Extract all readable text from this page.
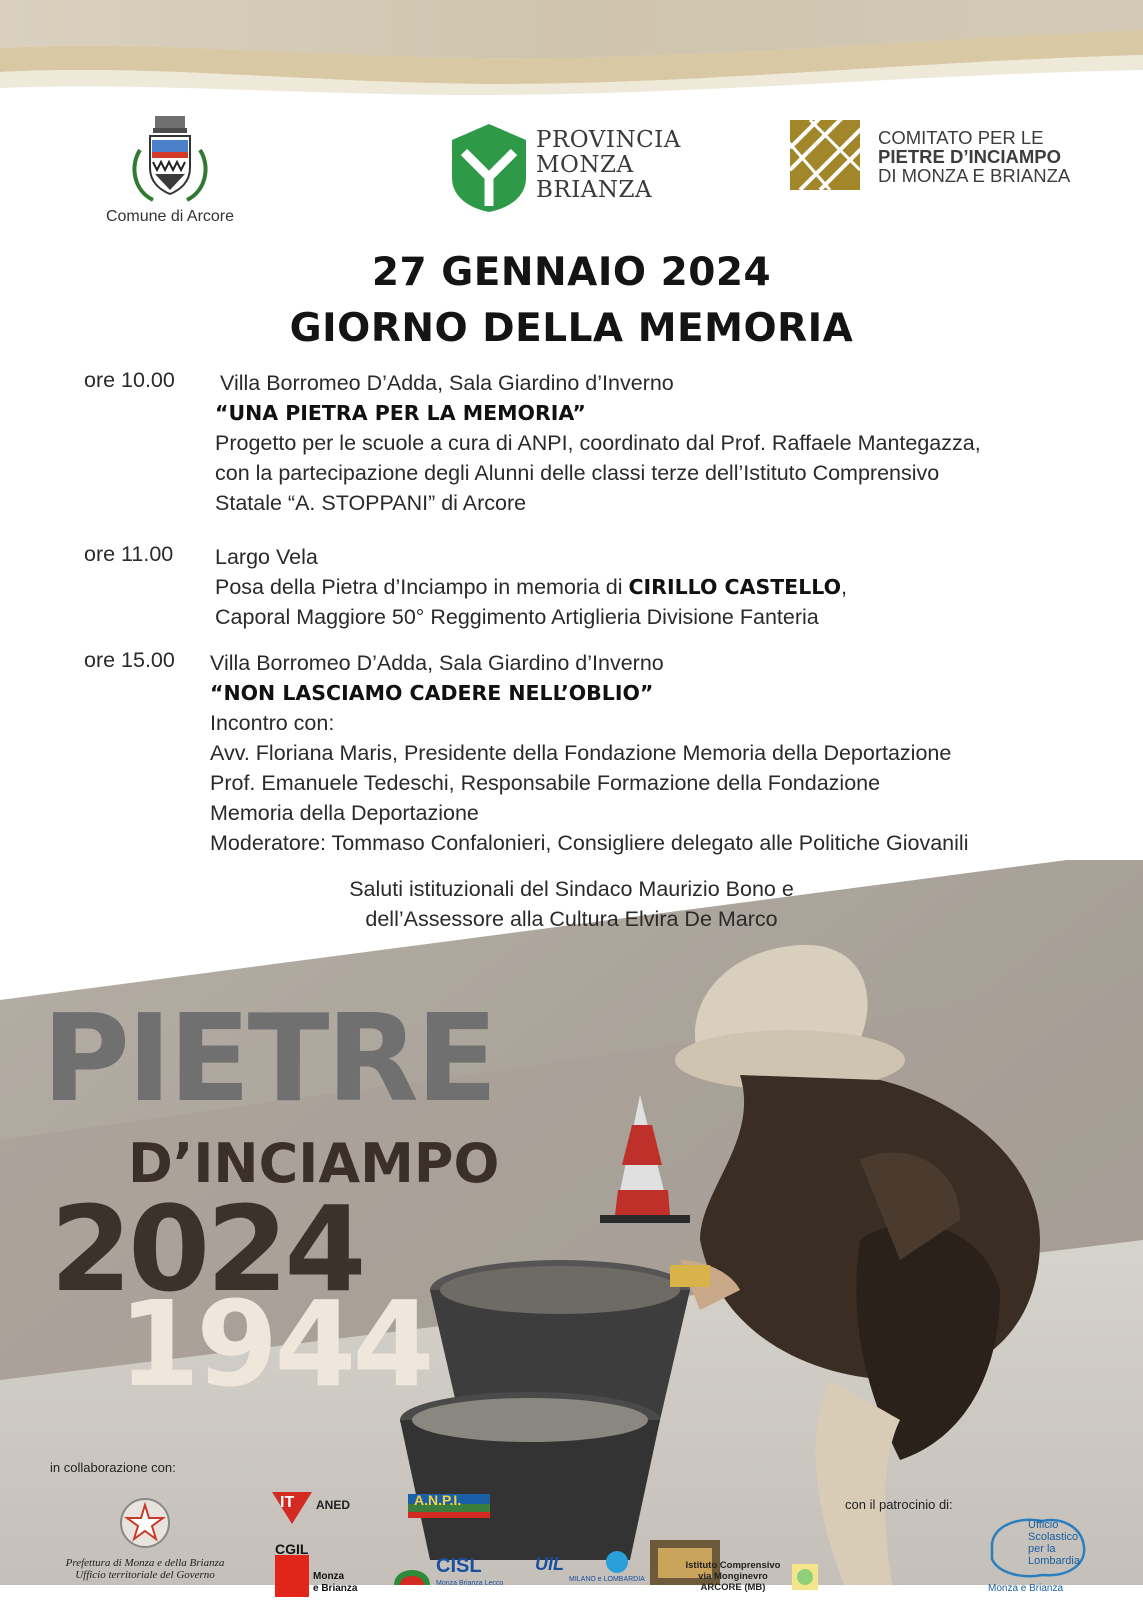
Comune di Arcore
PROVINCIA
MONZA
BRIANZA
COMITATO PER LE
PIETRE D’INCIAMPO
DI MONZA E BRIANZA
27 GENNAIO 2024
GIORNO DELLA MEMORIA
ore 10.00 Villa Borromeo D’Adda, Sala Giardino d’Inverno
“UNA PIETRA PER LA MEMORIA”
Progetto per le scuole a cura di ANPI, coordinato dal Prof. Raffaele Mantegazza,
con la partecipazione degli Alunni delle classi terze dell’Istituto Comprensivo
Statale “A. STOPPANI” di Arcore
ore 11.00 Largo Vela
Posa della Pietra d’Inciampo in memoria di CIRILLO CASTELLO,
Caporal Maggiore 50° Reggimento Artiglieria Divisione Fanteria
ore 15.00 Villa Borromeo D’Adda, Sala Giardino d’Inverno
“NON LASCIAMO CADERE NELL’OBLIO”
Incontro con:
Avv. Floriana Maris, Presidente della Fondazione Memoria della Deportazione
Prof. Emanuele Tedeschi, Responsabile Formazione della Fondazione
Memoria della Deportazione
Moderatore: Tommaso Confalonieri, Consigliere delegato alle Politiche Giovanili
PIETRE
D’INCIAMPO
2024
1944
Saluti istituzionali del Sindaco Maurizio Bono e
dell’Assessore alla Cultura Elvira De Marco
in collaborazione con:
con il patrocinio di:
Prefettura di Monza e della Brianza
Ufficio territoriale del Governo
IT ANED	A.N.P.I.
CGIL
Monza
e Brianza
CISL
Monza Brianza Lecco
UIL
MILANO e LOMBARDIA
Istituto Comprensivo
via Monginevro
ARCORE (MB)
Ufficio
Scolastico
per la
Lombardia
Monza e Brianza
